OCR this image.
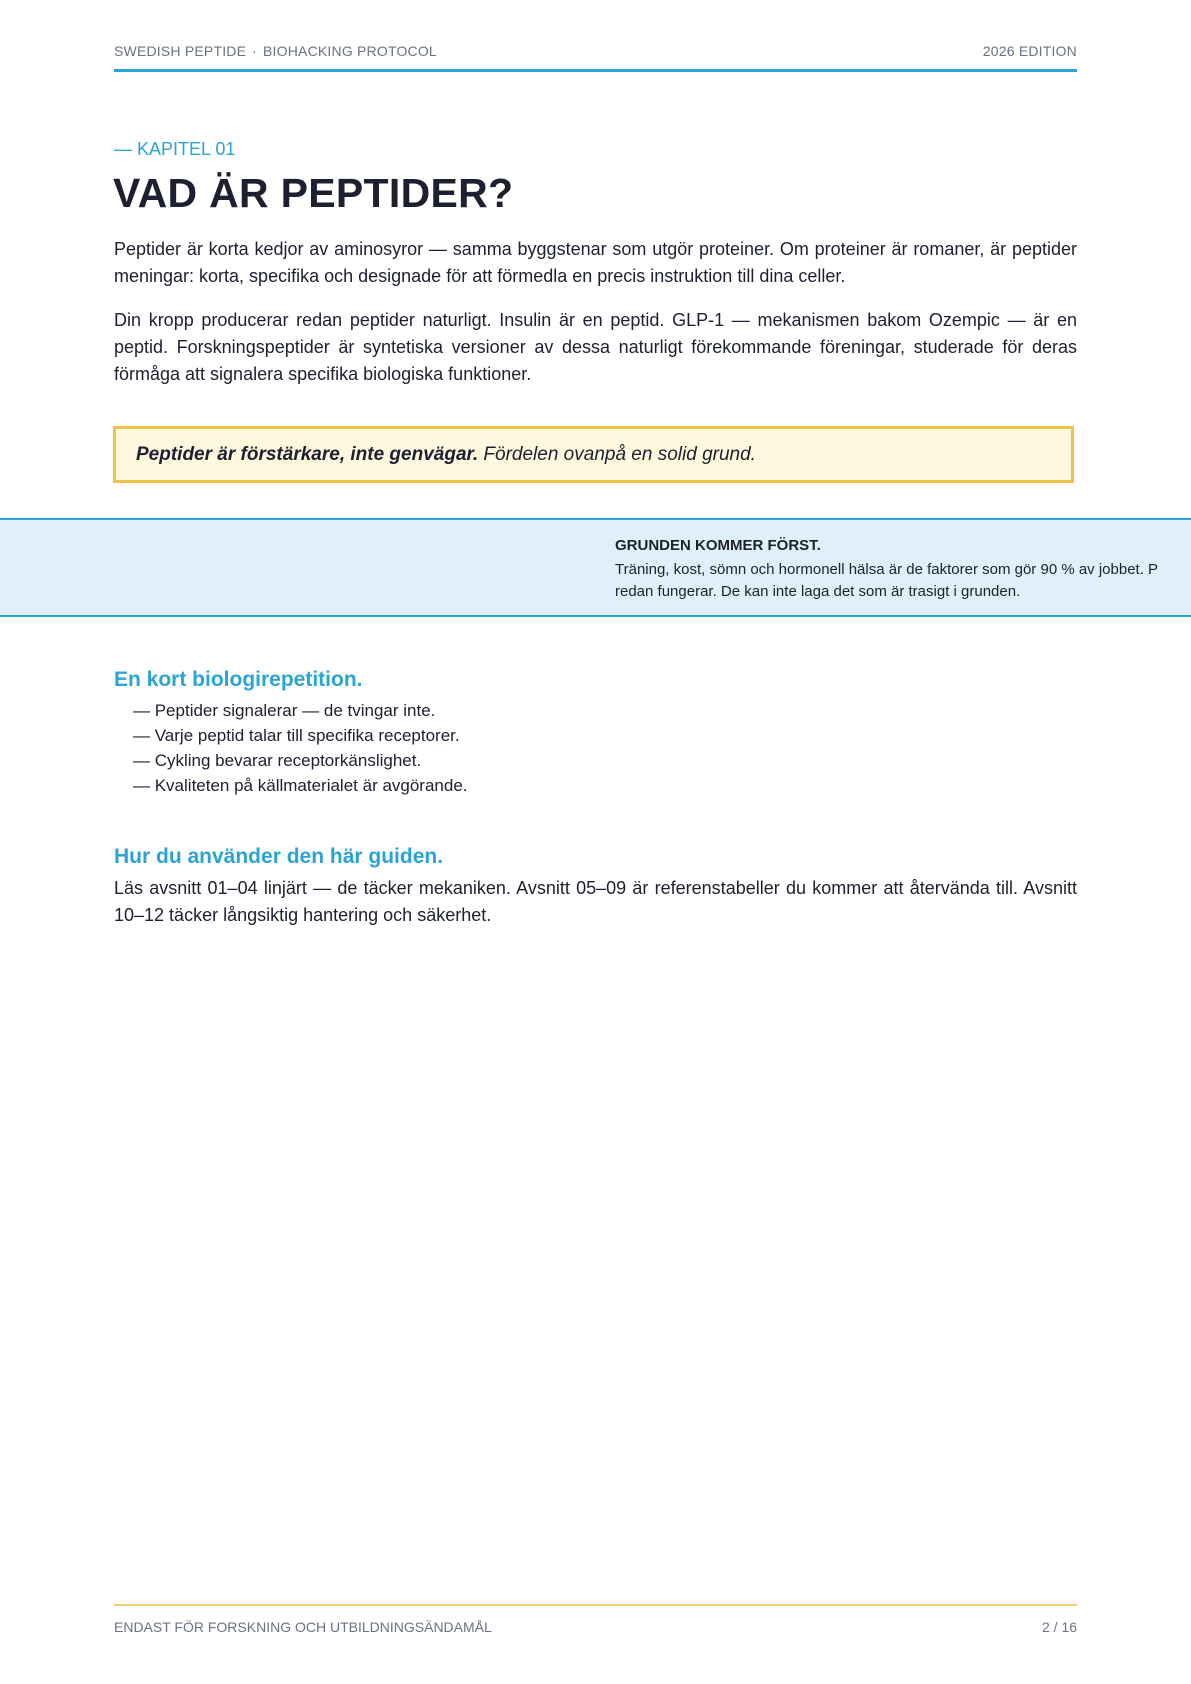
SWEDISH PEPTIDE · BIOHACKING PROTOCOL	2026 EDITION
— KAPITEL 01
VAD ÄR PEPTIDER?

Peptider är korta kedjor av aminosyror — samma byggstenar som utgör proteiner. Om proteiner är romaner, är peptider meningar: korta, specifika och designade för att förmedla en precis instruktion till dina celler.

Din kropp producerar redan peptider naturligt. Insulin är en peptid. GLP-1 — mekanismen bakom Ozempic — är en peptid. Forskningspeptider är syntetiska versioner av dessa naturligt förekommande föreningar, studerade för deras förmåga att signalera specifika biologiska funktioner.

Peptider är förstärkare, inte genvägar. Fördelen ovanpå en solid grund.
GRUNDEN KOMMER FÖRST.
Träning, kost, sömn och hormonell hälsa är de faktorer som gör 90 % av jobbet. P
redan fungerar. De kan inte laga det som är trasigt i grunden.
En kort biologirepetition.
— Peptider signalerar — de tvingar inte.
— Varje peptid talar till specifika receptorer.
— Cykling bevarar receptorkänslighet.
— Kvaliteten på källmaterialet är avgörande.
Hur du använder den här guiden.

Läs avsnitt 01–04 linjärt — de täcker mekaniken. Avsnitt 05–09 är referenstabeller du kommer att återvända till. Avsnitt 10–12 täcker långsiktig hantering och säkerhet.

ENDAST FÖR FORSKNING OCH UTBILDNINGSÄNDAMÅL	2 / 16
